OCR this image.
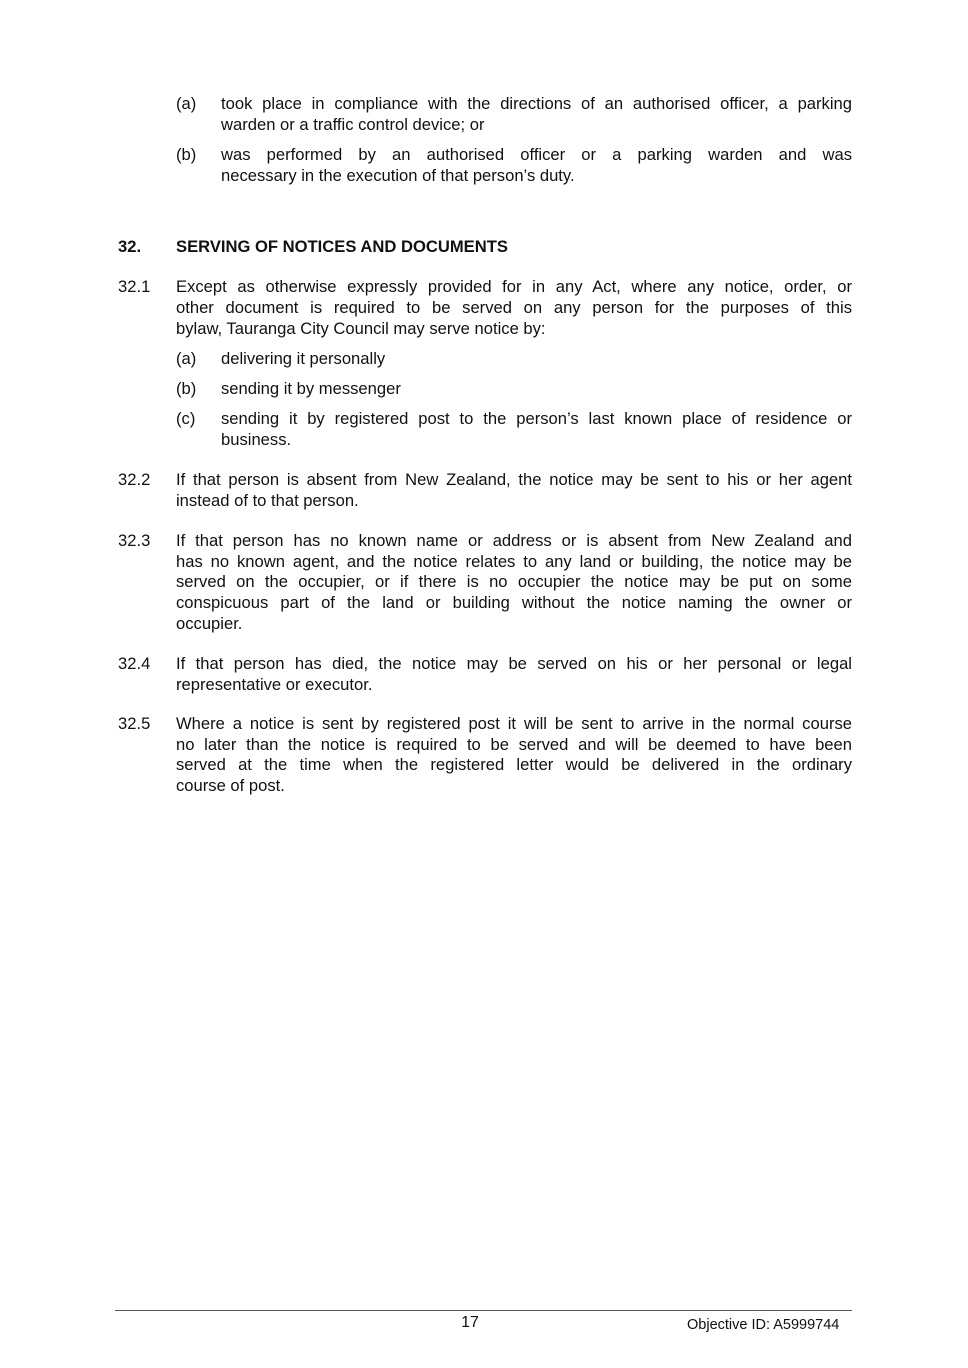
(a) took place in compliance with the directions of an authorised officer, a parking
warden or a traffic control device; or
(b) was performed by an authorised officer or a parking warden and was
necessary in the execution of that person’s duty.
32. SERVING OF NOTICES AND DOCUMENTS
32.1 Except as otherwise expressly provided for in any Act, where any notice, order, or
other document is required to be served on any person for the purposes of this
bylaw, Tauranga City Council may serve notice by:
(a) delivering it personally
(b) sending it by messenger
(c) sending it by registered post to the person’s last known place of residence or
business.
32.2 If that person is absent from New Zealand, the notice may be sent to his or her agent
instead of to that person.
32.3 If that person has no known name or address or is absent from New Zealand and
has no known agent, and the notice relates to any land or building, the notice may be
served on the occupier, or if there is no occupier the notice may be put on some
conspicuous part of the land or building without the notice naming the owner or
occupier.
32.4 If that person has died, the notice may be served on his or her personal or legal
representative or executor.
32.5 Where a notice is sent by registered post it will be sent to arrive in the normal course
no later than the notice is required to be served and will be deemed to have been
served at the time when the registered letter would be delivered in the ordinary
course of post.
17	Objective ID: A5999744
